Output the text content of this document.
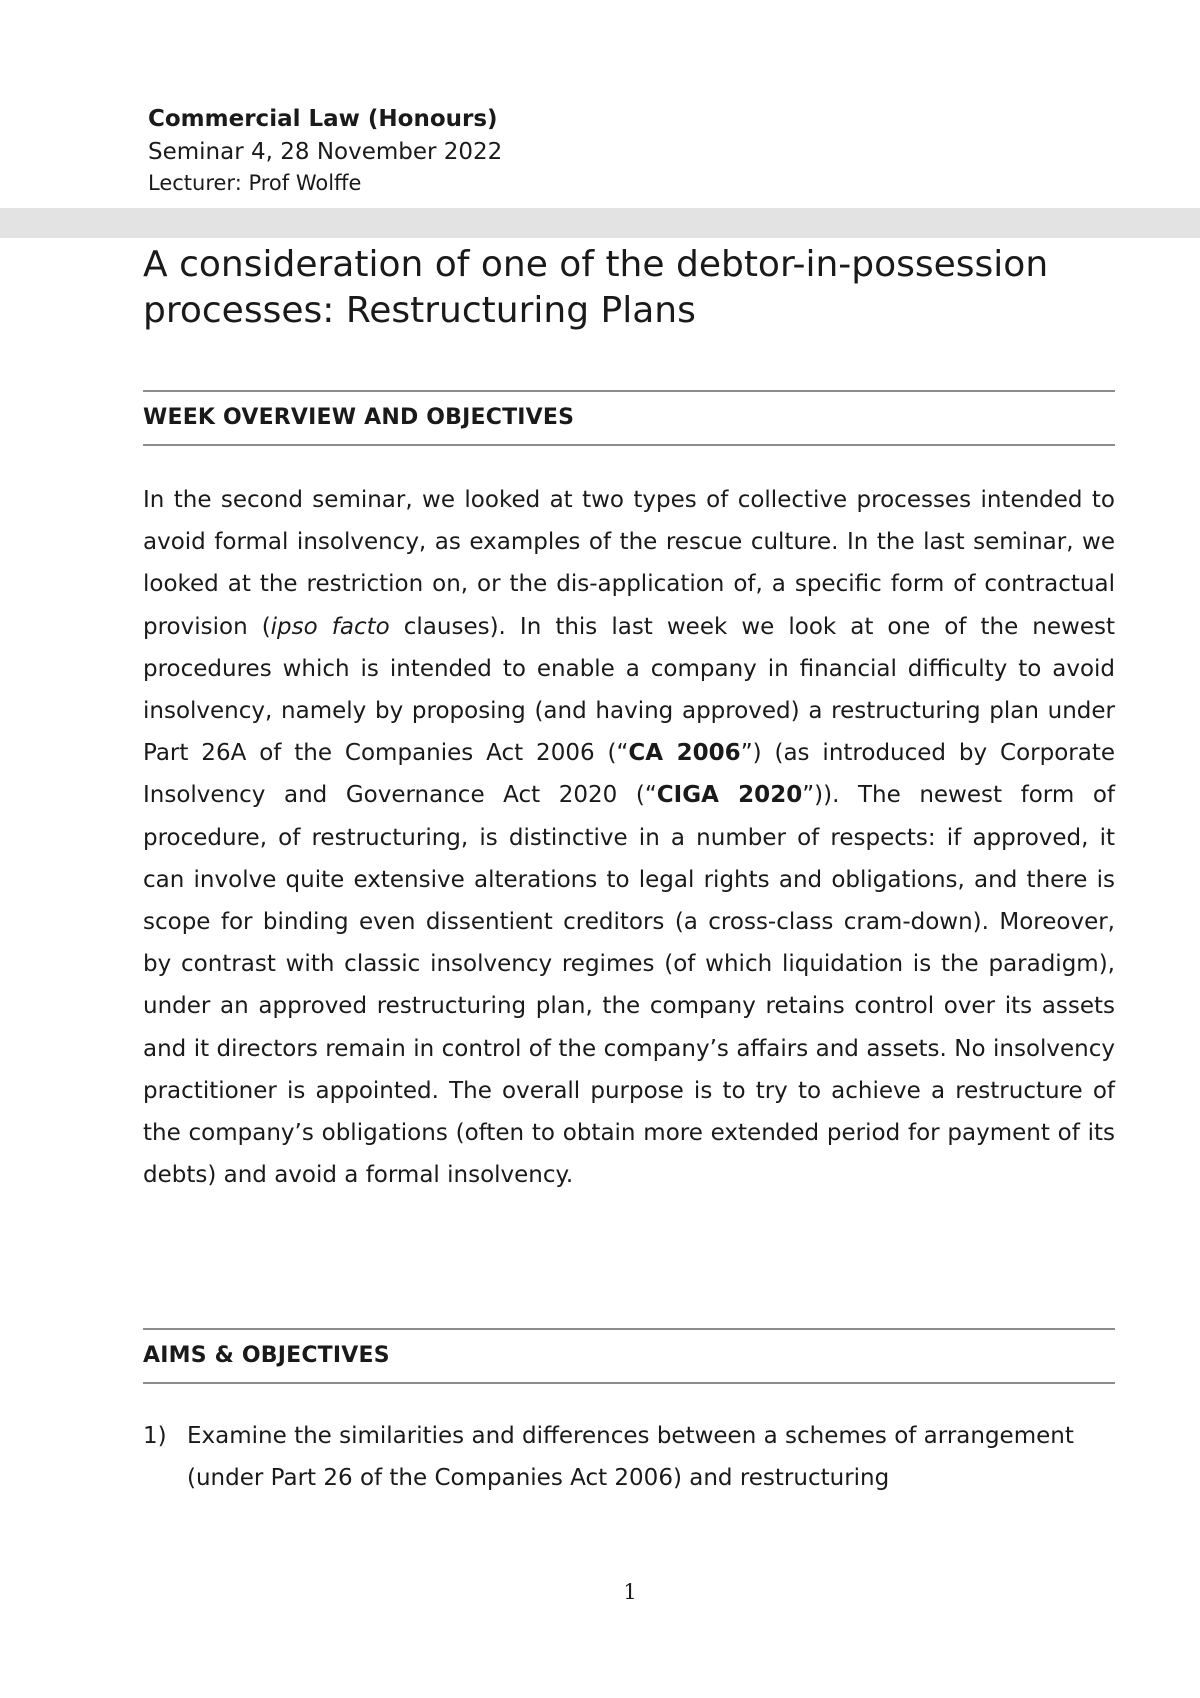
Commercial Law (Honours)

Seminar 4, 28 November 2022

Lecturer: Prof Wolffe

A consideration of one of the debtor-in-possession processes: Restructuring Plans
WEEK OVERVIEW AND OBJECTIVES

In the second seminar, we looked at two types of collective processes intended to avoid formal insolvency, as examples of the rescue culture. In the last seminar, we looked at the restriction on, or the dis-application of, a specific form of contractual provision (ipso facto clauses). In this last week we look at one of the newest procedures which is intended to enable a company in financial difficulty to avoid insolvency, namely by proposing (and having approved) a restructuring plan under Part 26A of the Companies Act 2006 (“CA 2006”) (as introduced by Corporate Insolvency and Governance Act 2020 (“CIGA 2020”)). The newest form of procedure, of restructuring, is distinctive in a number of respects: if approved, it can involve quite extensive alterations to legal rights and obligations, and there is scope for binding even dissentient creditors (a cross-class cram-down). Moreover, by contrast with classic insolvency regimes (of which liquidation is the paradigm), under an approved restructuring plan, the company retains control over its assets and it directors remain in control of the company’s affairs and assets. No insolvency practitioner is appointed. The overall purpose is to try to achieve a restructure of the company’s obligations (often to obtain more extended period for payment of its debts) and avoid a formal insolvency.

AIMS & OBJECTIVES
1) Examine the similarities and differences between a schemes of arrangement (under Part 26 of the Companies Act 2006) and restructuring
1
